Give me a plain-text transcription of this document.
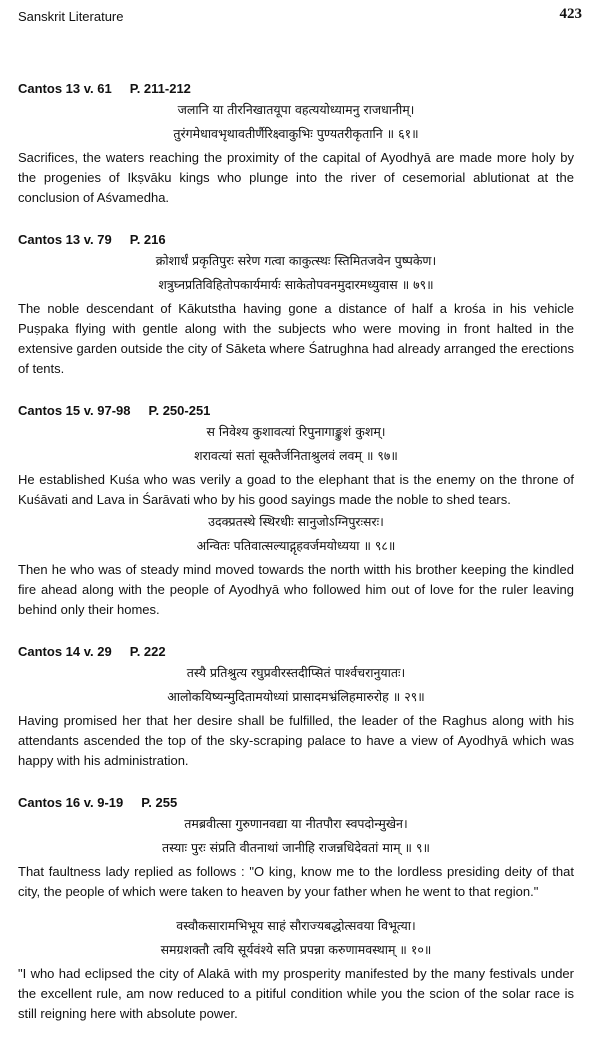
Sanskrit Literature	423
Cantos 13 v. 61 P. 211-212
जलानि या तीरनिखातयूपा वहत्ययोध्यामनु राजधानीम्।
तुरंगमेधावभृथावतीर्णैरिक्ष्वाकुभिः पुण्यतरीकृतानि ॥ ६१॥

Sacrifices, the waters reaching the proximity of the capital of Ayodhyā are made more holy by the progenies of Ikṣvāku kings who plunge into the river of cesemorial ablutionat at the conclusion of Aśvamedha.

Cantos 13 v. 79 P. 216
क्रोशार्धं प्रकृतिपुरः सरेण गत्वा काकुत्स्थः स्तिमितजवेन पुष्पकेण।
शत्रुघ्नप्रतिविहितोपकार्यमार्यः साकेतोपवनमुदारमध्युवास ॥ ७९॥

The noble descendant of Kākutstha having gone a distance of half a krośa in his vehicle Puṣpaka flying with gentle along with the subjects who were moving in front halted in the extensive garden outside the city of Sāketa where Śatrughna had already arranged the erections of tents.

Cantos 15 v. 97-98 P. 250-251
स निवेश्य कुशावत्यां रिपुनागाङ्कुशं कुशम्।
शरावत्यां सतां सूक्तैर्जनिताश्रुलवं लवम् ॥ ९७॥

He established Kuśa who was verily a goad to the elephant that is the enemy on the throne of Kuśāvati and Lava in Śarāvati who by his good sayings made the noble to shed tears.

उदक्प्रतस्थे स्थिरधीः सानुजोऽग्निपुरःसरः।
अन्वितः पतिवात्सल्याद्गृहवर्जमयोध्यया ॥ ९८॥

Then he who was of steady mind moved towards the north witth his brother keeping the kindled fire ahead along with the people of Ayodhyā who followed him out of love for the ruler leaving behind only their homes.

Cantos 14 v. 29 P. 222
तस्यै प्रतिश्रुत्य रघुप्रवीरस्तदीप्सितं पार्श्वचरानुयातः।
आलोकयिष्यन्मुदितामयोध्यां प्रासादमभ्रंलिहमारुरोह ॥ २९॥

Having promised her that her desire shall be fulfilled, the leader of the Raghus along with his attendants ascended the top of the sky-scraping palace to have a view of Ayodhyā which was happy with his administration.

Cantos 16 v. 9-19 P. 255
तमब्रवीत्सा गुरुणानवद्या या नीतपौरा स्वपदोन्मुखेन।
तस्याः पुरः संप्रति वीतनाथां जानीहि राजन्नधिदेवतां माम् ॥ ९॥

That faultness lady replied as follows : "O king, know me to the lordless presiding deity of that city, the people of which were taken to heaven by your father when he went to that region."

वस्वौकसारामभिभूय साहं सौराज्यबद्धोत्सवया विभूत्या।
समग्रशक्तौ त्वयि सूर्यवंश्ये सति प्रपन्ना करुणामवस्थाम् ॥ १०॥

"I who had eclipsed the city of Alakā with my prosperity manifested by the many festivals under the excellent rule, am now reduced to a pitiful condition while you the scion of the solar race is still reigning here with absolute power.
